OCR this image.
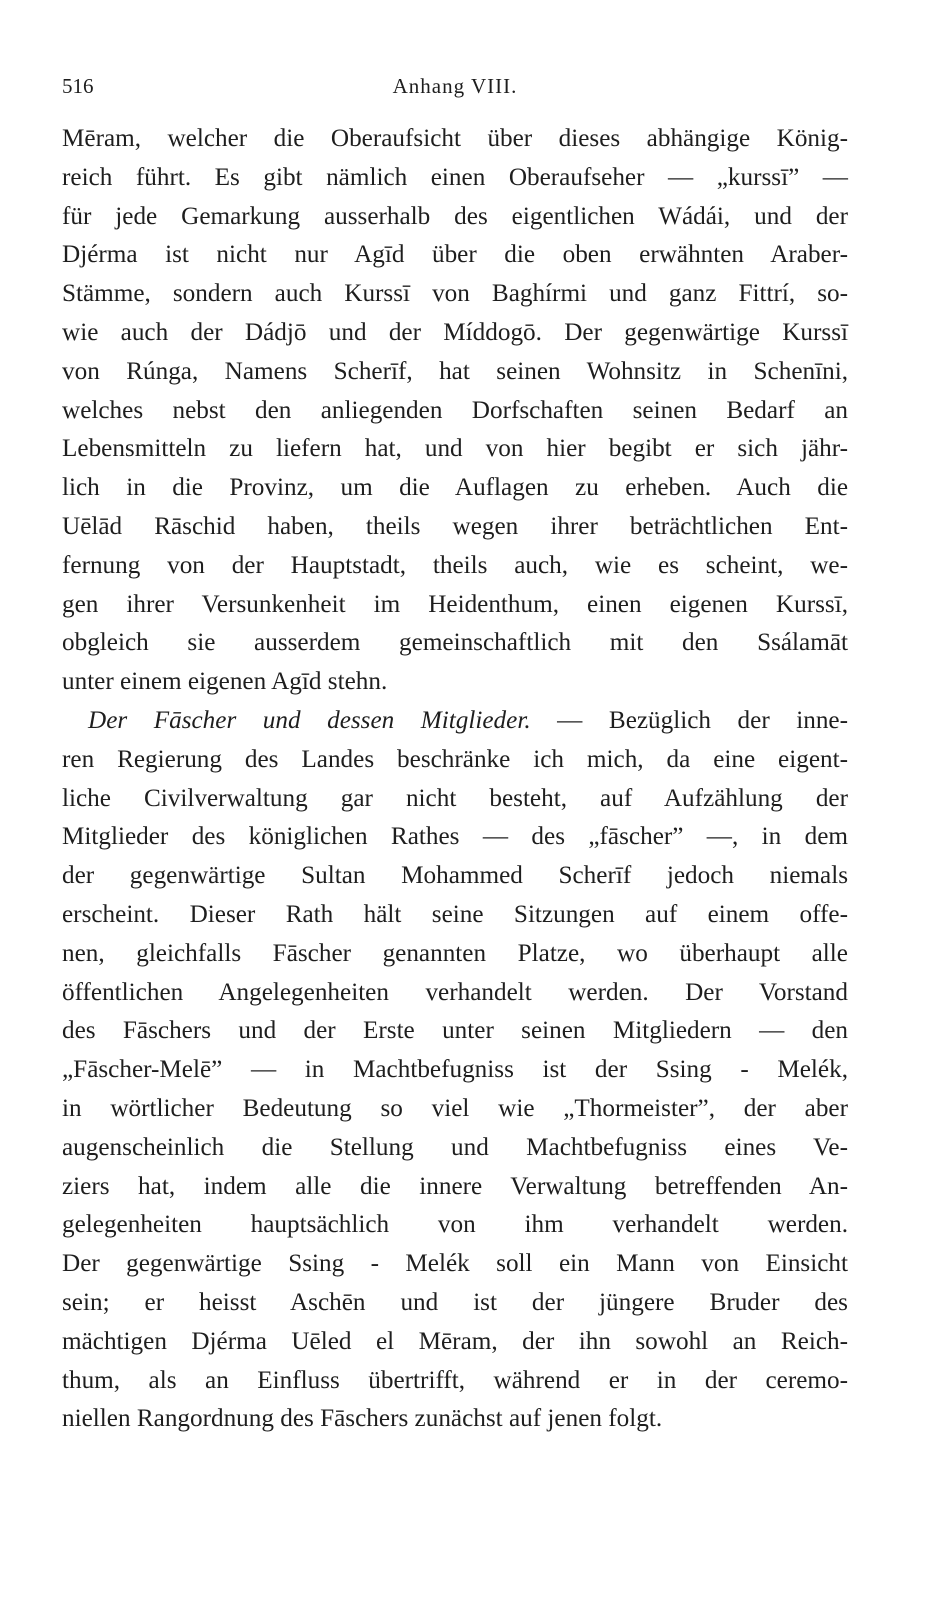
516	Anhang VIII.
Mēram, welcher die Oberaufsicht über dieses abhängige König-
reich führt. Es gibt nämlich einen Oberaufseher — „kurssī” —
für jede Gemarkung ausserhalb des eigentlichen Wádái, und der
Djérma ist nicht nur Agīd über die oben erwähnten Araber-
Stämme, sondern auch Kurssī von Baghírmi und ganz Fittrí, so-
wie auch der Dádjō und der Míddogō. Der gegenwärtige Kurssī
von Rúnga, Namens Scherīf, hat seinen Wohnsitz in Schenīni,
welches nebst den anliegenden Dorfschaften seinen Bedarf an
Lebensmitteln zu liefern hat, und von hier begibt er sich jähr-
lich in die Provinz, um die Auflagen zu erheben. Auch die
Uēlād Rāschid haben, theils wegen ihrer beträchtlichen Ent-
fernung von der Hauptstadt, theils auch, wie es scheint, we-
gen ihrer Versunkenheit im Heidenthum, einen eigenen Kurssī,
obgleich sie ausserdem gemeinschaftlich mit den Ssálamāt
unter einem eigenen Agīd stehn.
Der Fāscher und dessen Mitglieder. — Bezüglich der inne-
ren Regierung des Landes beschränke ich mich, da eine eigent-
liche Civilverwaltung gar nicht besteht, auf Aufzählung der
Mitglieder des königlichen Rathes — des „fāscher” —, in dem
der gegenwärtige Sultan Mohammed Scherīf jedoch niemals
erscheint. Dieser Rath hält seine Sitzungen auf einem offe-
nen, gleichfalls Fāscher genannten Platze, wo überhaupt alle
öffentlichen Angelegenheiten verhandelt werden. Der Vorstand
des Fāschers und der Erste unter seinen Mitgliedern — den
„Fāscher-Melē” — in Machtbefugniss ist der Ssing - Melék,
in wörtlicher Bedeutung so viel wie „Thormeister”, der aber
augenscheinlich die Stellung und Machtbefugniss eines Ve-
ziers hat, indem alle die innere Verwaltung betreffenden An-
gelegenheiten hauptsächlich von ihm verhandelt werden.
Der gegenwärtige Ssing - Melék soll ein Mann von Einsicht
sein; er heisst Aschēn und ist der jüngere Bruder des
mächtigen Djérma Uēled el Mēram, der ihn sowohl an Reich-
thum, als an Einfluss übertrifft, während er in der ceremo-
niellen Rangordnung des Fāschers zunächst auf jenen folgt.
